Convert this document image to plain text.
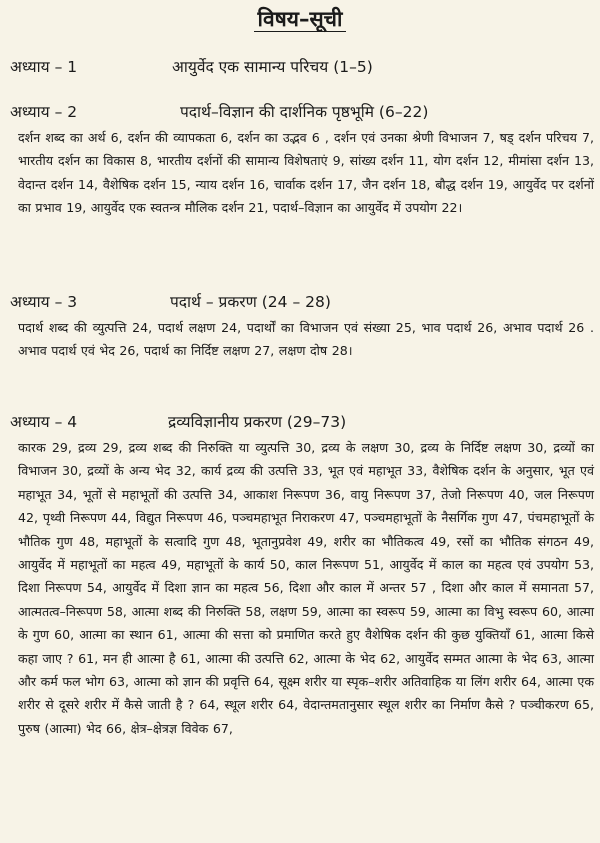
विषय–सूची
अध्याय – 1	आयुर्वेद एक सामान्य परिचय (1–5)
अध्याय – 2	पदार्थ–विज्ञान की दार्शनिक पृष्ठभूमि (6–22)
दर्शन शब्द का अर्थ 6, दर्शन की व्यापकता 6, दर्शन का उद्भव 6 , दर्शन एवं उनका श्रेणी विभाजन 7, षड् दर्शन परिचय 7, भारतीय दर्शन का विकास 8, भारतीय दर्शनों की सामान्य विशेषताएं 9, सांख्य दर्शन 11, योग दर्शन 12, मीमांसा दर्शन 13, वेदान्त दर्शन 14, वैशेषिक दर्शन 15, न्याय दर्शन 16, चार्वाक दर्शन 17, जैन दर्शन 18, बौद्ध दर्शन 19, आयुर्वेद पर दर्शनों का प्रभाव 19, आयुर्वेद एक स्वतन्त्र मौलिक दर्शन 21, पदार्थ–विज्ञान का आयुर्वेद में उपयोग 22।
अध्याय – 3	पदार्थ – प्रकरण (24 – 28)
पदार्थ शब्द की व्युत्पत्ति 24, पदार्थ लक्षण 24, पदार्थों का विभाजन एवं संख्या 25, भाव पदार्थ 26, अभाव पदार्थ 26 . अभाव पदार्थ एवं भेद 26, पदार्थ का निर्दिष्ट लक्षण 27, लक्षण दोष 28।
अध्याय – 4	द्रव्यविज्ञानीय प्रकरण (29–73)
कारक 29, द्रव्य 29, द्रव्य शब्द की निरुक्ति या व्युत्पत्ति 30, द्रव्य के लक्षण 30, द्रव्य के निर्दिष्ट लक्षण 30, द्रव्यों का विभाजन 30, द्रव्यों के अन्य भेद 32, कार्य द्रव्य की उत्पत्ति 33, भूत एवं महाभूत 33, वैशेषिक दर्शन के अनुसार, भूत एवं महाभूत 34, भूतों से महाभूतों की उत्पत्ति 34, आकाश निरूपण 36, वायु निरूपण 37, तेजो निरूपण 40, जल निरूपण 42, पृथ्वी निरूपण 44, विद्युत निरूपण 46, पञ्चमहाभूत निराकरण 47, पञ्चमहाभूतों के नैसर्गिक गुण 47, पंचमहाभूतों के भौतिक गुण 48, महाभूतों के सत्वादि गुण 48, भूतानुप्रवेश 49, शरीर का भौतिकत्व 49, रसों का भौतिक संगठन 49, आयुर्वेद में महाभूतों का महत्व 49, महाभूतों के कार्य 50, काल निरूपण 51, आयुर्वेद में काल का महत्व एवं उपयोग 53, दिशा निरूपण 54, आयुर्वेद में दिशा ज्ञान का महत्व 56, दिशा और काल में अन्तर 57 , दिशा और काल में समानता 57, आत्मतत्व–निरूपण 58, आत्मा शब्द की निरुक्ति 58, लक्षण 59, आत्मा का स्वरूप 59, आत्मा का विभु स्वरूप 60, आत्मा के गुण 60, आत्मा का स्थान 61, आत्मा की सत्ता को प्रमाणित करते हुए वैशेषिक दर्शन की कुछ युक्तियाँ 61, आत्मा किसे कहा जाए ? 61, मन ही आत्मा है 61, आत्मा की उत्पत्ति 62, आत्मा के भेद 62, आयुर्वेद सम्मत आत्मा के भेद 63, आत्मा और कर्म फल भोग 63, आत्मा को ज्ञान की प्रवृत्ति 64, सूक्ष्म शरीर या स्पृक–शरीर अतिवाहिक या लिंग शरीर 64, आत्मा एक शरीर से दूसरे शरीर में कैसे जाती है ? 64, स्थूल शरीर 64, वेदान्तमतानुसार स्थूल शरीर का निर्माण कैसे ? पञ्चीकरण 65, पुरुष (आत्मा) भेद 66, क्षेत्र–क्षेत्रज्ञ विवेक 67,
